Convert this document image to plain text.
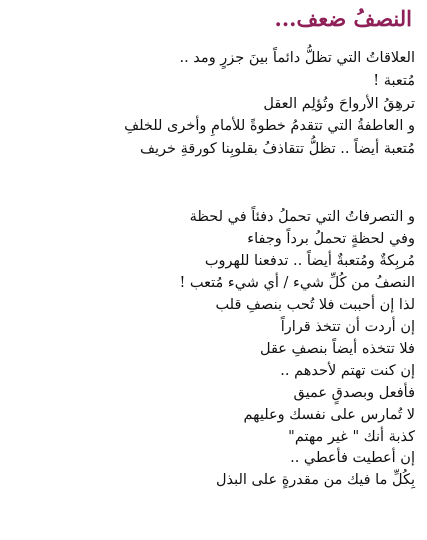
النصفُ ضعف...
العلاقاتُ التي تظلُّ دائماً بينَ جزرٍ ومد ..
مُتعبة !
ترهِقُ الأرواحَ وتُؤلِم العقل
و العاطفةُ التي تتقدمُ خطوةً للأمامِ وأخرى للخلفِ
مُتعبة أيضاً .. تظلُّ تتقاذفُ بقلوبِنا كورقةِ خريف
و التصرفاتُ التي تحملُ دفئاً في لحظة
وفي لحظةٍ تحملُ برداً وجفاء
مُربِكةٌ ومُتعبةٌ أيضاً .. تدفعنا للهروب
النصفُ من كُلِّ شيء / أي شيء مُتعب !
لذا إن أحببت فلا تُحب بنصفِ قلب
إن أردت أن تتخذ قراراً
فلا تتخذه أيضاً بنصفِ عقل
إن كنت تهتم لأحدهم ..
فأفعل وبصدقٍ عميق
لا تُمارس على نفسك وعليهم
كذبة أنك " غير مهتم"
إن أعطيت فأعطي ..
بِكُلِّ ما فيك من مقدرةٍ على البذل
